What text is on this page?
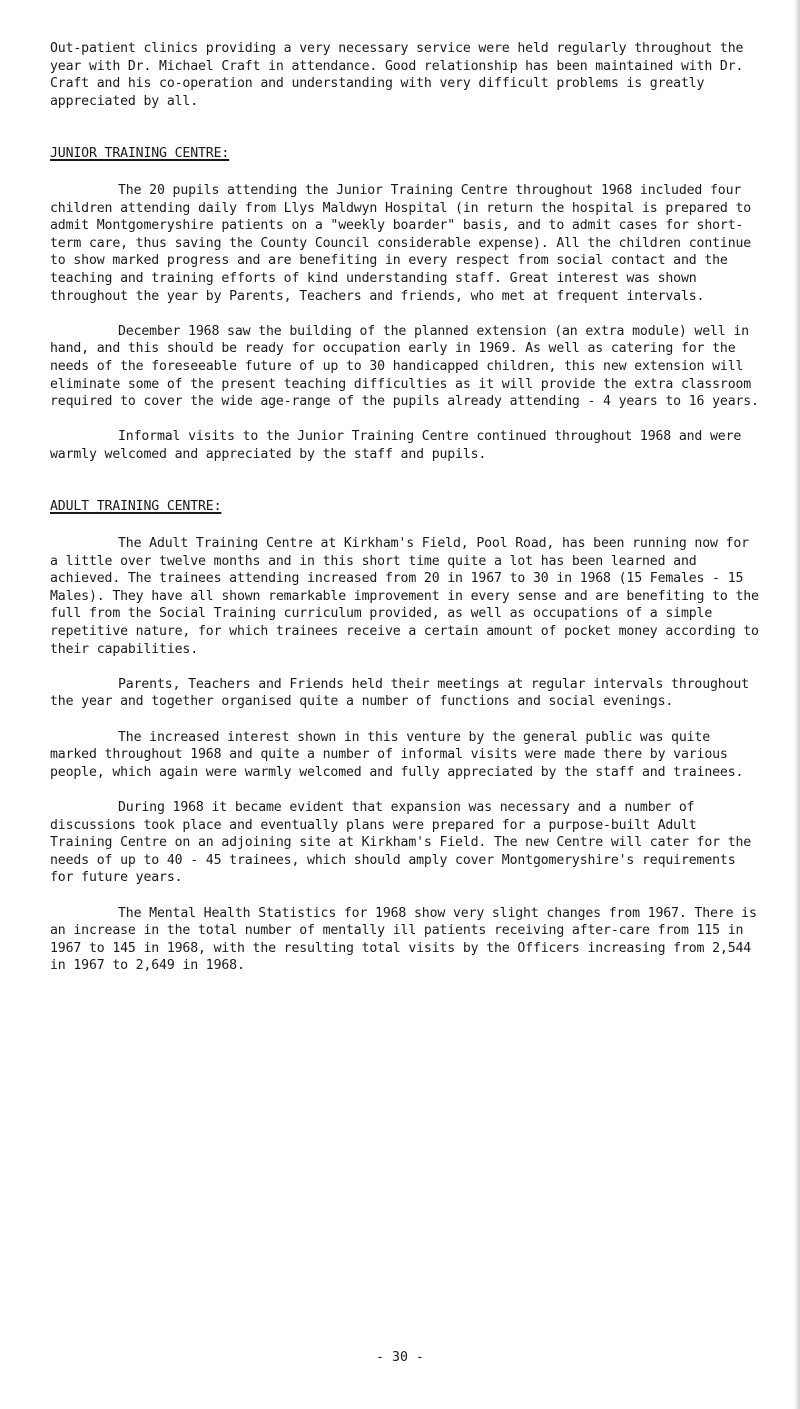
Out-patient clinics providing a very necessary service were held regularly throughout the year with Dr. Michael Craft in attendance. Good relationship has been maintained with Dr. Craft and his co-operation and understanding with very difficult problems is greatly appreciated by all.

JUNIOR TRAINING CENTRE:

The 20 pupils attending the Junior Training Centre throughout 1968 included four children attending daily from Llys Maldwyn Hospital (in return the hospital is prepared to admit Montgomeryshire patients on a "weekly boarder" basis, and to admit cases for short-term care, thus saving the County Council considerable expense). All the children continue to show marked progress and are benefiting in every respect from social contact and the teaching and training efforts of kind understanding staff. Great interest was shown throughout the year by Parents, Teachers and friends, who met at frequent intervals.

December 1968 saw the building of the planned extension (an extra module) well in hand, and this should be ready for occupation early in 1969. As well as catering for the needs of the foreseeable future of up to 30 handicapped children, this new extension will eliminate some of the present teaching difficulties as it will provide the extra classroom required to cover the wide age-range of the pupils already attending - 4 years to 16 years.

Informal visits to the Junior Training Centre continued throughout 1968 and were warmly welcomed and appreciated by the staff and pupils.

ADULT TRAINING CENTRE:

The Adult Training Centre at Kirkham's Field, Pool Road, has been running now for a little over twelve months and in this short time quite a lot has been learned and achieved. The trainees attending increased from 20 in 1967 to 30 in 1968 (15 Females - 15 Males). They have all shown remarkable improvement in every sense and are benefiting to the full from the Social Training curriculum provided, as well as occupations of a simple repetitive nature, for which trainees receive a certain amount of pocket money according to their capabilities.

Parents, Teachers and Friends held their meetings at regular intervals throughout the year and together organised quite a number of functions and social evenings.

The increased interest shown in this venture by the general public was quite marked throughout 1968 and quite a number of informal visits were made there by various people, which again were warmly welcomed and fully appreciated by the staff and trainees.

During 1968 it became evident that expansion was necessary and a number of discussions took place and eventually plans were prepared for a purpose-built Adult Training Centre on an adjoining site at Kirkham's Field. The new Centre will cater for the needs of up to 40 - 45 trainees, which should amply cover Montgomeryshire's requirements for future years.

The Mental Health Statistics for 1968 show very slight changes from 1967. There is an increase in the total number of mentally ill patients receiving after-care from 115 in 1967 to 145 in 1968, with the resulting total visits by the Officers increasing from 2,544 in 1967 to 2,649 in 1968.

- 30 -
